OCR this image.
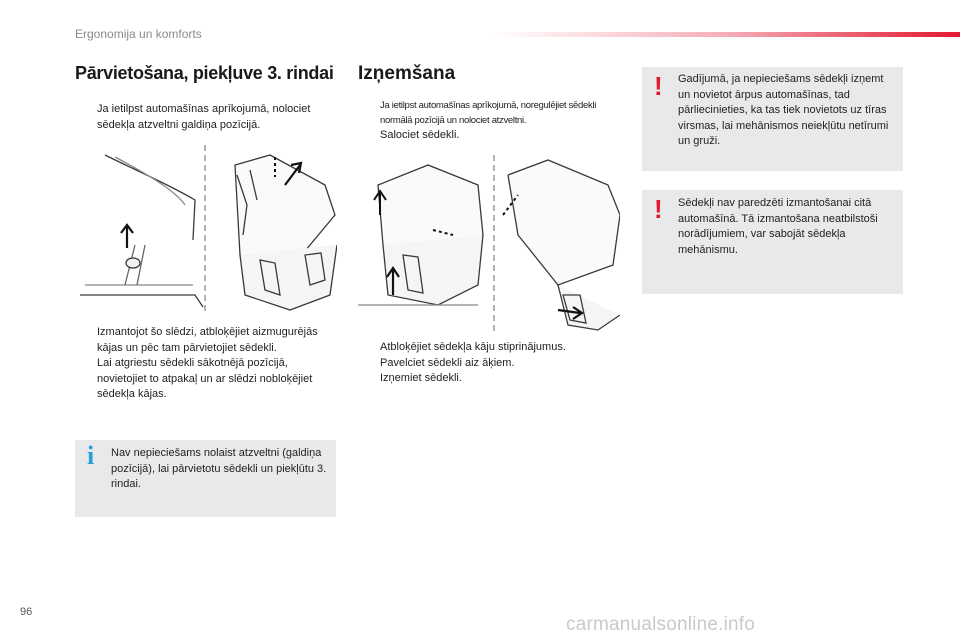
Ergonomija un komforts
Pārvietošana, piekļuve 3. rindai
Ja ietilpst automašīnas aprīkojumā, nolociet sēdekļa atzveltni galdiņa pozīcijā.
Izmantojot šo slēdzi, atbloķējiet aizmugurējās kājas un pēc tam pārvietojiet sēdekli.
Lai atgriestu sēdekli sākotnējā pozīcijā, novietojiet to atpakaļ un ar slēdzi nobloķējiet sēdekļa kājas.
i Nav nepieciešams nolaist atzveltni (galdiņa pozīcijā), lai pārvietotu sēdekli un piekļūtu 3. rindai.

Izņemšana
Ja ietilpst automašīnas aprīkojumā, noregulējiet sēdekli normālā pozīcijā un nolociet atzveltni.
Salociet sēdekli.
Atbloķējiet sēdekļa kāju stiprinājumus.
Pavelciet sēdekli aiz āķiem.
Izņemiet sēdekli.
! Gadījumā, ja nepieciešams sēdekļi izņemt un novietot ārpus automašīnas, tad pārliecinieties, ka tas tiek novietots uz tīras virsmas, lai mehānismos neiekļūtu netīrumi un gruži.

! Sēdekļi nav paredzēti izmantošanai citā automašīnā. Tā izmantošana neatbilstoši norādījumiem, var sabojāt sēdekļa mehānismu.

96
carmanualsonline.info
